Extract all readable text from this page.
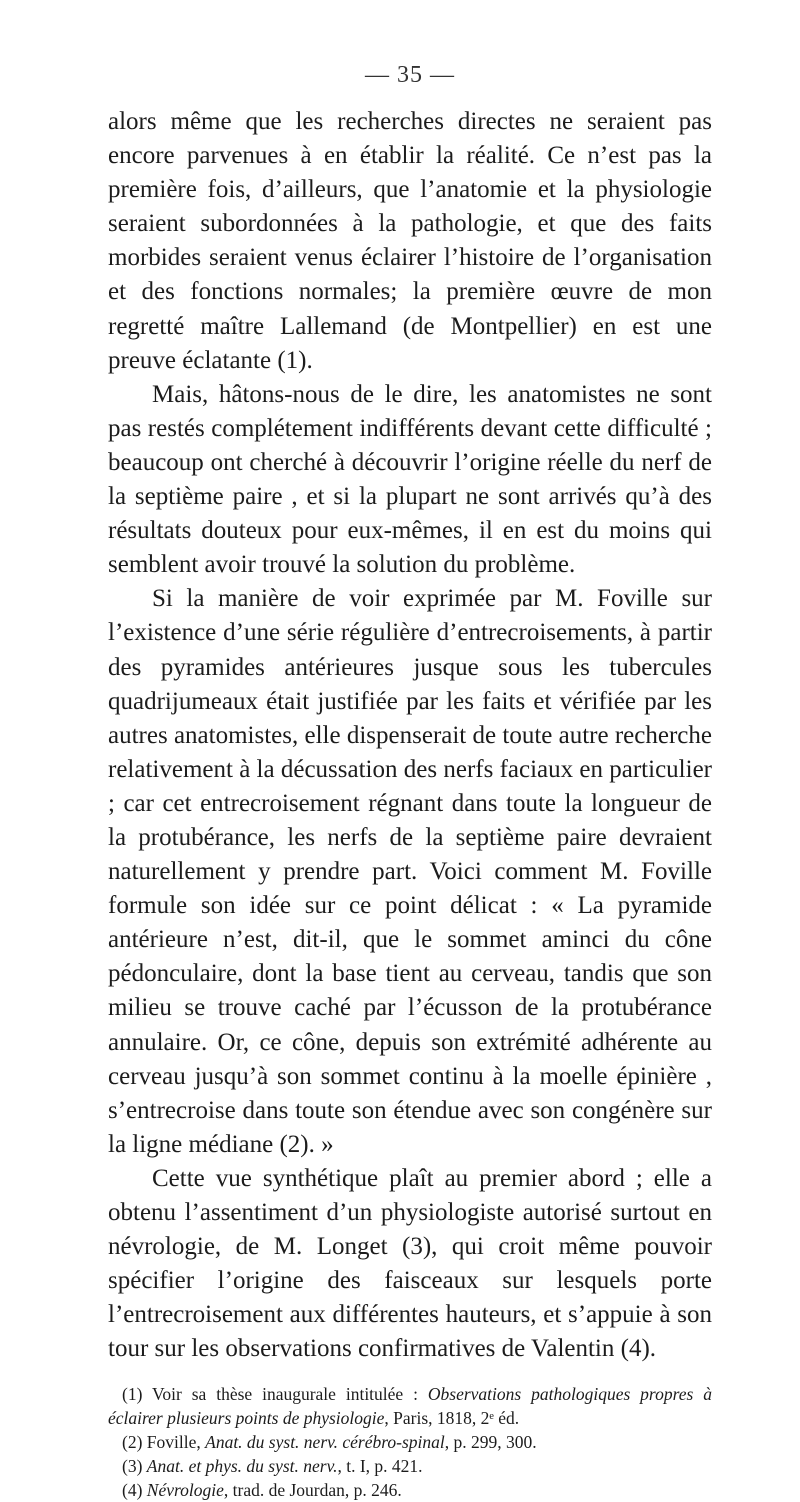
— 35 —

alors même que les recherches directes ne seraient pas encore parvenues à en établir la réalité. Ce n’est pas la première fois, d’ailleurs, que l’anatomie et la physiologie seraient subordonnées à la pathologie, et que des faits morbides seraient venus éclairer l’histoire de l’organisation et des fonctions normales; la première œuvre de mon regretté maître Lallemand (de Montpellier) en est une preuve éclatante (1).

Mais, hâtons-nous de le dire, les anatomistes ne sont pas restés complétement indifférents devant cette difficulté ; beaucoup ont cherché à découvrir l’origine réelle du nerf de la septième paire , et si la plupart ne sont arrivés qu’à des résultats douteux pour eux-mêmes, il en est du moins qui semblent avoir trouvé la solution du problème.

Si la manière de voir exprimée par M. Foville sur l’existence d’une série régulière d’entrecroisements, à partir des pyramides antérieures jusque sous les tubercules quadrijumeaux était justifiée par les faits et vérifiée par les autres anatomistes, elle dispenserait de toute autre recherche relativement à la décussation des nerfs faciaux en particulier ; car cet entrecroisement régnant dans toute la longueur de la protubérance, les nerfs de la septième paire devraient naturellement y prendre part. Voici comment M. Foville formule son idée sur ce point délicat : « La pyramide antérieure n’est, dit-il, que le sommet aminci du cône pédonculaire, dont la base tient au cerveau, tandis que son milieu se trouve caché par l’écusson de la protubérance annulaire. Or, ce cône, depuis son extrémité adhérente au cerveau jusqu’à son sommet continu à la moelle épinière , s’entrecroise dans toute son étendue avec son congénère sur la ligne médiane (2). »

Cette vue synthétique plaît au premier abord ; elle a obtenu l’assentiment d’un physiologiste autorisé surtout en névrologie, de M. Longet (3), qui croit même pouvoir spécifier l’origine des faisceaux sur lesquels porte l’entrecroisement aux différentes hauteurs, et s’appuie à son tour sur les observations confirmatives de Valentin (4).

(1) Voir sa thèse inaugurale intitulée : Observations pathologiques propres à éclairer plusieurs points de physiologie, Paris, 1818, 2ᵉ éd.

(2) Foville, Anat. du syst. nerv. cérébro-spinal, p. 299, 300.

(3) Anat. et phys. du syst. nerv., t. I, p. 421.

(4) Névrologie, trad. de Jourdan, p. 246.
